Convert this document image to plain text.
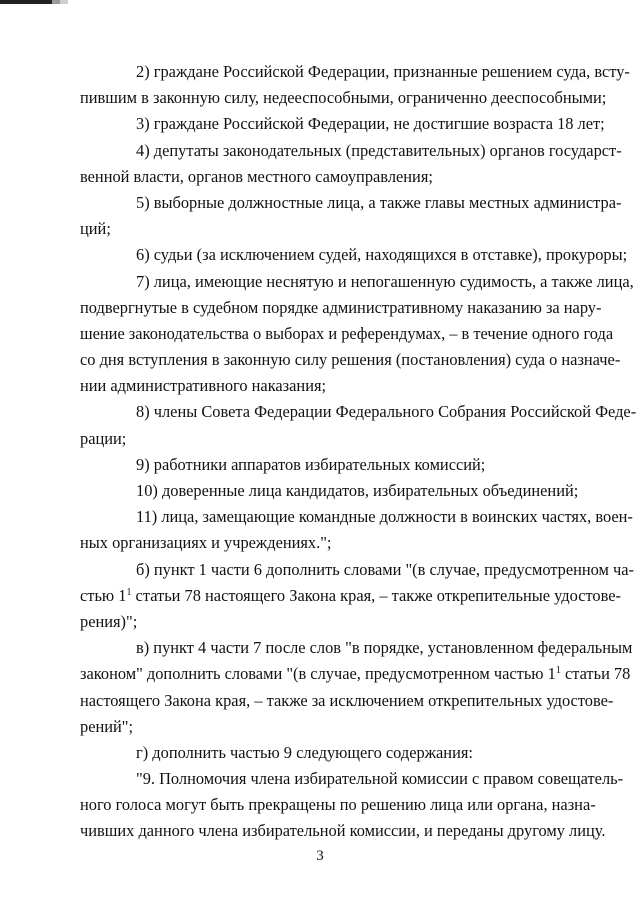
2) граждане Российской Федерации, признанные решением суда, всту-
пившим в законную силу, недееспособными, ограниченно дееспособными;
3) граждане Российской Федерации, не достигшие возраста 18 лет;
4) депутаты законодательных (представительных) органов государст-
венной власти, органов местного самоуправления;
5) выборные должностные лица, а также главы местных администра-
ций;
6) судьи (за исключением судей, находящихся в отставке), прокуроры;
7) лица, имеющие неснятую и непогашенную судимость, а также лица,
подвергнутые в судебном порядке административному наказанию за нару-
шение законодательства о выборах и референдумах, – в течение одного года
со дня вступления в законную силу решения (постановления) суда о назначе-
нии административного наказания;
8) члены Совета Федерации Федерального Собрания Российской Феде-
рации;
9) работники аппаратов избирательных комиссий;
10) доверенные лица кандидатов, избирательных объединений;
11) лица, замещающие командные должности в воинских частях, воен-
ных организациях и учреждениях.";
б) пункт 1 части 6 дополнить словами "(в случае, предусмотренном ча-
стью $1^1$ статьи 78 настоящего Закона края, – также открепительные удостове-
рения)";
в) пункт 4 части 7 после слов "в порядке, установленном федеральным
законом" дополнить словами "(в случае, предусмотренном частью $1^1$ статьи 78
настоящего Закона края, – также за исключением открепительных удостове-
рений";
г) дополнить частью 9 следующего содержания:
"9. Полномочия члена избирательной комиссии с правом совещатель-
ного голоса могут быть прекращены по решению лица или органа, назна-
чивших данного члена избирательной комиссии, и переданы другому лицу.
3
